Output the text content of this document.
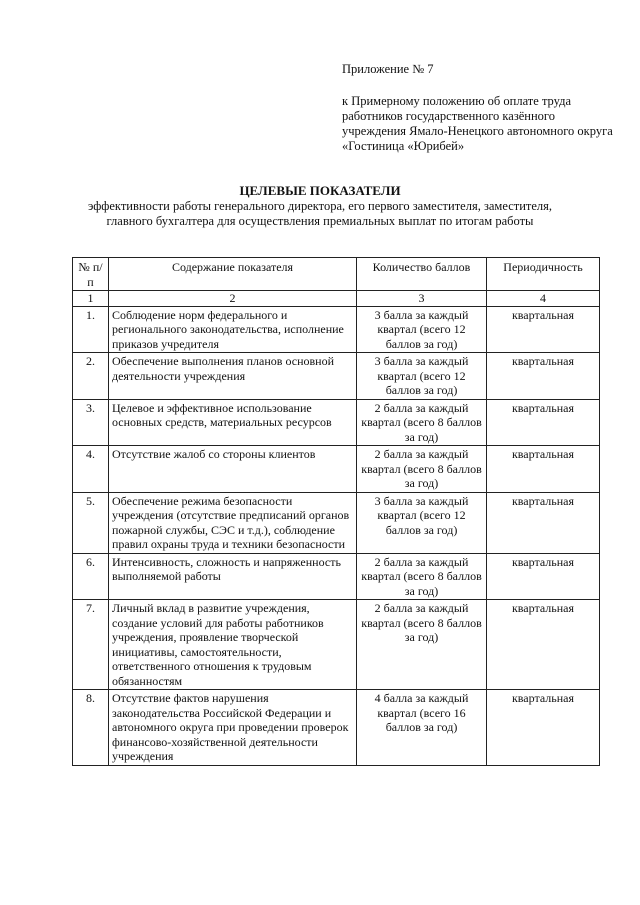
Приложение № 7
к Примерному положению об оплате труда работников государственного казённого учреждения Ямало-Ненецкого автономного округа «Гостиница «Юрибей»
ЦЕЛЕВЫЕ ПОКАЗАТЕЛИ
эффективности работы генерального директора, его первого заместителя, заместителя, главного бухгалтера для осуществления премиальных выплат по итогам работы
№ п/п	Содержание показателя	Количество баллов	Периодичность
1	2	3	4
1.	Соблюдение норм федерального и регионального законодательства, исполнение приказов учредителя	3 балла за каждый квартал (всего 12 баллов за год)	квартальная
2.	Обеспечение выполнения планов основной деятельности учреждения	3 балла за каждый квартал (всего 12 баллов за год)	квартальная
3.	Целевое и эффективное использование основных средств, материальных ресурсов	2 балла за каждый квартал (всего 8 баллов за год)	квартальная
4.	Отсутствие жалоб со стороны клиентов	2 балла за каждый квартал (всего 8 баллов за год)	квартальная
5.	Обеспечение режима безопасности учреждения (отсутствие предписаний органов пожарной службы, СЭС и т.д.), соблюдение правил охраны труда и техники безопасности	3 балла за каждый квартал (всего 12 баллов за год)	квартальная
6.	Интенсивность, сложность и напряженность выполняемой работы	2 балла за каждый квартал (всего 8 баллов за год)	квартальная
7.	Личный вклад в развитие учреждения, создание условий для работы работников учреждения, проявление творческой инициативы, самостоятельности, ответственного отношения к трудовым обязанностям	2 балла за каждый квартал (всего 8 баллов за год)	квартальная
8.	Отсутствие фактов нарушения законодательства Российской Федерации и автономного округа при проведении проверок финансово-хозяйственной деятельности учреждения	4 балла за каждый квартал (всего 16 баллов за год)	квартальная
